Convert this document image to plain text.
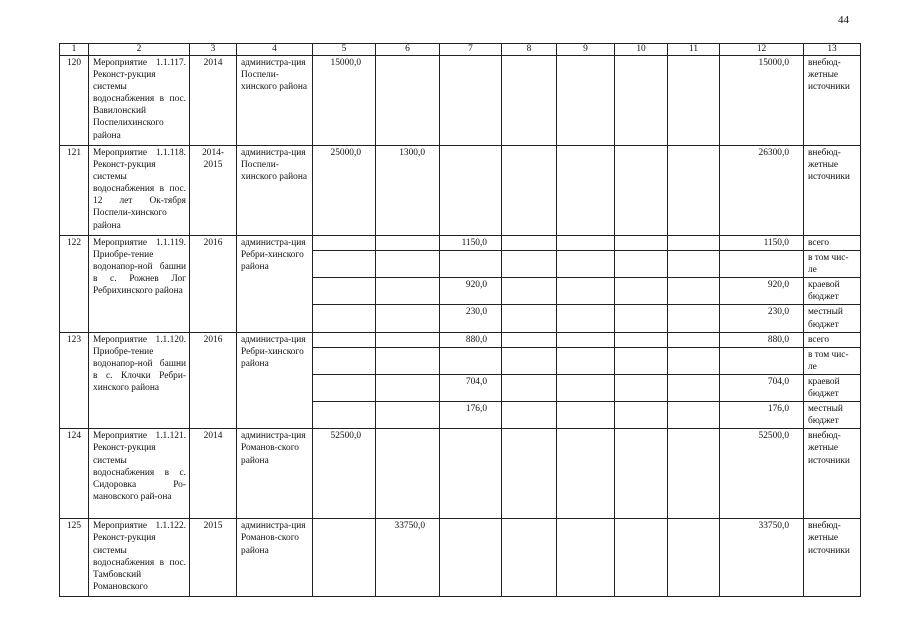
44
1	2	3	4	5	6	7	8	9	10	11	12	13
120	Мероприятие 1.1.117. Реконст-рукция системы водоснабжения в пос. Вавилонский Поспелихинского района	2014	администра-ция Поспели-хинского района	15000,0							15000,0	внебюд-жетные источники
121	Мероприятие 1.1.118. Реконст-рукция системы водоснабжения в пос. 12 лет Ок-тября Поспели-хинского района	2014-2015	администра-ция Поспели-хинского района	25000,0	1300,0						26300,0	внебюд-жетные источники
122	Мероприятие 1.1.119. Приобре-тение водонапор-ной башни в с. Рожнев Лог Ребрихинского района	2016	администра-ция Ребри-хинского района			1150,0					1150,0	всего
												в том чис-ле
						920,0					920,0	краевой бюджет
						230,0					230,0	местный бюджет
123	Мероприятие 1.1.120. Приобре-тение водонапор-ной башни в с. Клочки Ребри-хинского района	2016	администра-ция Ребри-хинского района			880,0					880,0	всего
												в том чис-ле
						704,0					704,0	краевой бюджет
						176,0					176,0	местный бюджет
124	Мероприятие 1.1.121. Реконст-рукция системы водоснабжения в с. Сидоровка Ро-мановского рай-она	2014	администра-ция Романов-ского района	52500,0							52500,0	внебюд-жетные источники
125	Мероприятие 1.1.122. Реконст-рукция системы водоснабжения в пос. Тамбовский Романовского	2015	администра-ция Романов-ского района		33750,0						33750,0	внебюд-жетные источники
